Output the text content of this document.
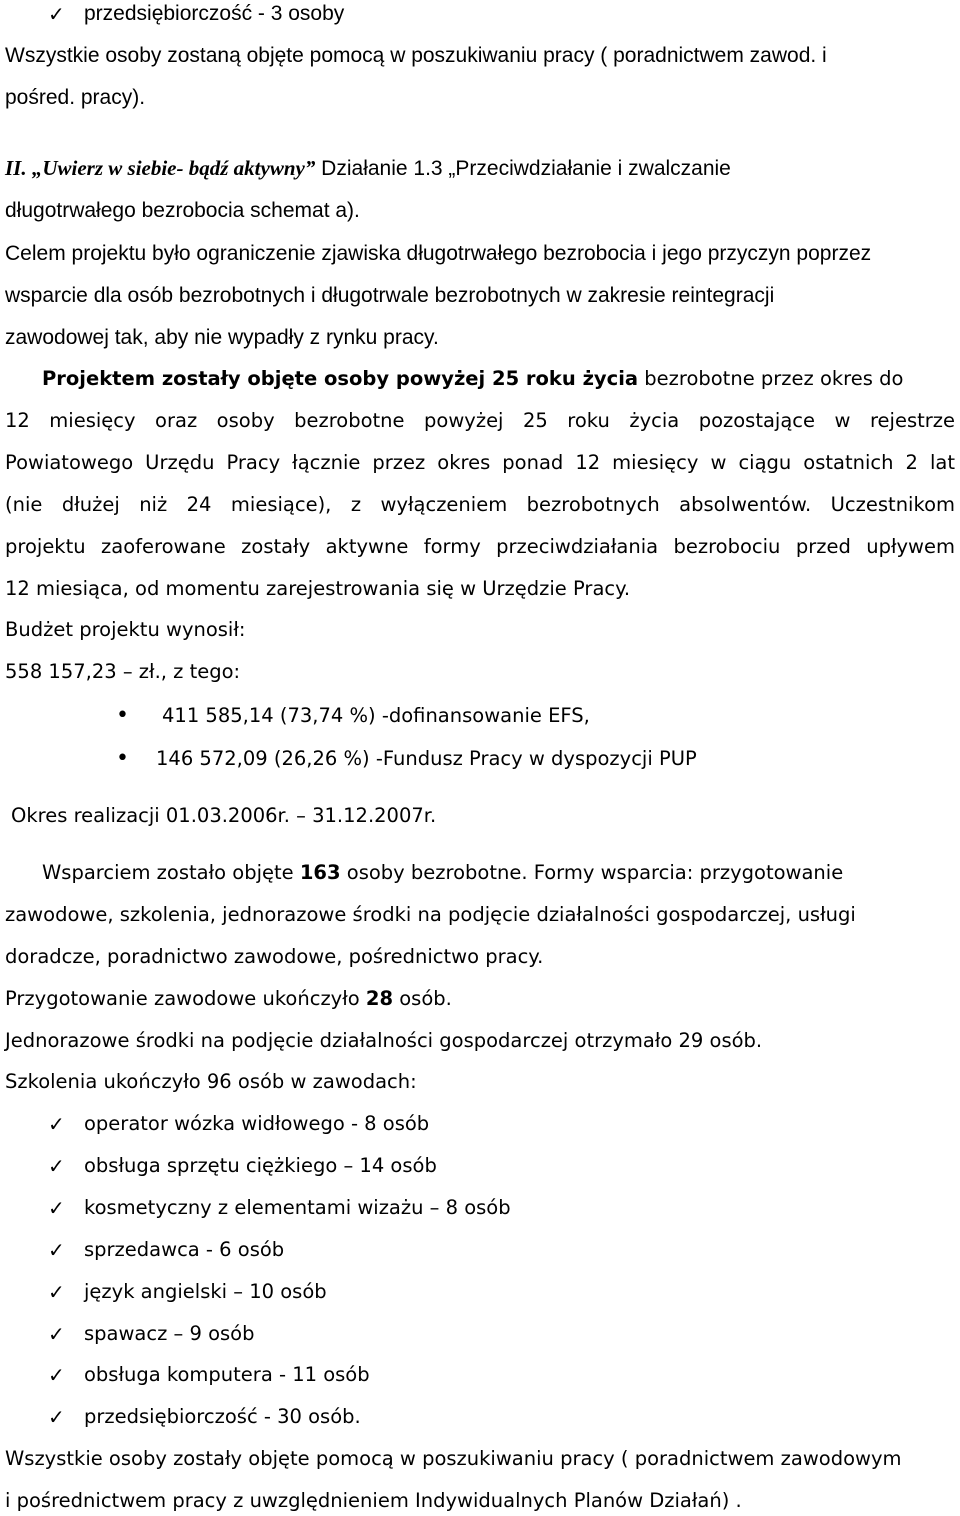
✓ przedsiębiorczość - 3 osoby
Wszystkie osoby zostaną objęte pomocą w poszukiwaniu pracy ( poradnictwem zawod. i
pośred. pracy).
II. „Uwierz w siebie- bądź aktywny” Działanie 1.3 „Przeciwdziałanie i zwalczanie
długotrwałego bezrobocia schemat a).
Celem projektu było ograniczenie zjawiska długotrwałego bezrobocia i jego przyczyn poprzez
wsparcie dla osób bezrobotnych i długotrwale bezrobotnych w zakresie reintegracji
zawodowej tak, aby nie wypadły z rynku pracy.
Projektem zostały objęte osoby powyżej 25 roku życia bezrobotne przez okres do
12 miesięcy oraz osoby bezrobotne powyżej 25 roku życia pozostające w rejestrze
Powiatowego Urzędu Pracy łącznie przez okres ponad 12 miesięcy w ciągu ostatnich 2 lat
(nie dłużej niż 24 miesiące), z wyłączeniem bezrobotnych absolwentów. Uczestnikom
projektu zaoferowane zostały aktywne formy przeciwdziałania bezrobociu przed upływem
12 miesiąca, od momentu zarejestrowania się w Urzędzie Pracy.
Budżet projektu wynosił:
558 157,23 – zł., z tego:
• 411 585,14 (73,74 %) -dofinansowanie EFS,
• 146 572,09 (26,26 %) -Fundusz Pracy w dyspozycji PUP
Okres realizacji 01.03.2006r. – 31.12.2007r.
Wsparciem zostało objęte 163 osoby bezrobotne. Formy wsparcia: przygotowanie
zawodowe, szkolenia, jednorazowe środki na podjęcie działalności gospodarczej, usługi
doradcze, poradnictwo zawodowe, pośrednictwo pracy.
Przygotowanie zawodowe ukończyło 28 osób.
Jednorazowe środki na podjęcie działalności gospodarczej otrzymało 29 osób.
Szkolenia ukończyło 96 osób w zawodach:
✓ operator wózka widłowego - 8 osób
✓ obsługa sprzętu ciężkiego – 14 osób
✓ kosmetyczny z elementami wizażu – 8 osób
✓ sprzedawca - 6 osób
✓ język angielski – 10 osób
✓ spawacz – 9 osób
✓ obsługa komputera - 11 osób
✓ przedsiębiorczość - 30 osób.
Wszystkie osoby zostały objęte pomocą w poszukiwaniu pracy ( poradnictwem zawodowym
i pośrednictwem pracy z uwzględnieniem Indywidualnych Planów Działań) .
